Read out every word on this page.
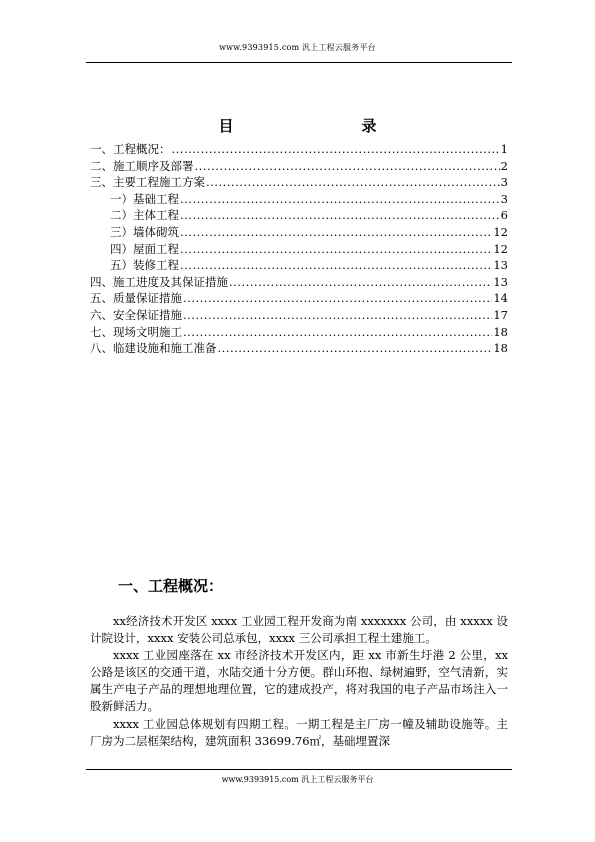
www.9393915.com 汎上工程云服务平台
目	录
一、工程概况： .....	1
二、施工顺序及部署 .....	2
三、主要工程施工方案 .....	3
一）基础工程 .....	3
二）主体工程 .....	6
三）墙体砌筑 .....	12
四）屋面工程 .....	12
五）装修工程 .....	13
四、施工进度及其保证措施 .....	13
五、质量保证措施 .....	14
六、安全保证措施 .....	17
七、现场文明施工 .....	18
八、临建设施和施工准备 .....	18
一、工程概况：

xx经济技术开发区 xxxx 工业园工程开发商为南 xxxxxxx 公司，由 xxxxx 设计院设计，xxxx 安装公司总承包，xxxx 三公司承担工程土建施工。

xxxx 工业园座落在 xx 市经济技术开发区内，距 xx 市新生圩港 2 公里，xx 公路是该区的交通干道，水陆交通十分方便。群山环抱、绿树遍野，空气清新，实属生产电子产品的理想地理位置，它的建成投产，将对我国的电子产品市场注入一股新鲜活力。

xxxx 工业园总体规划有四期工程。一期工程是主厂房一幢及辅助设施等。主厂房为二层框架结构，建筑面积 33699.76㎡，基础埋置深

www.9393915.com 汎上工程云服务平台
